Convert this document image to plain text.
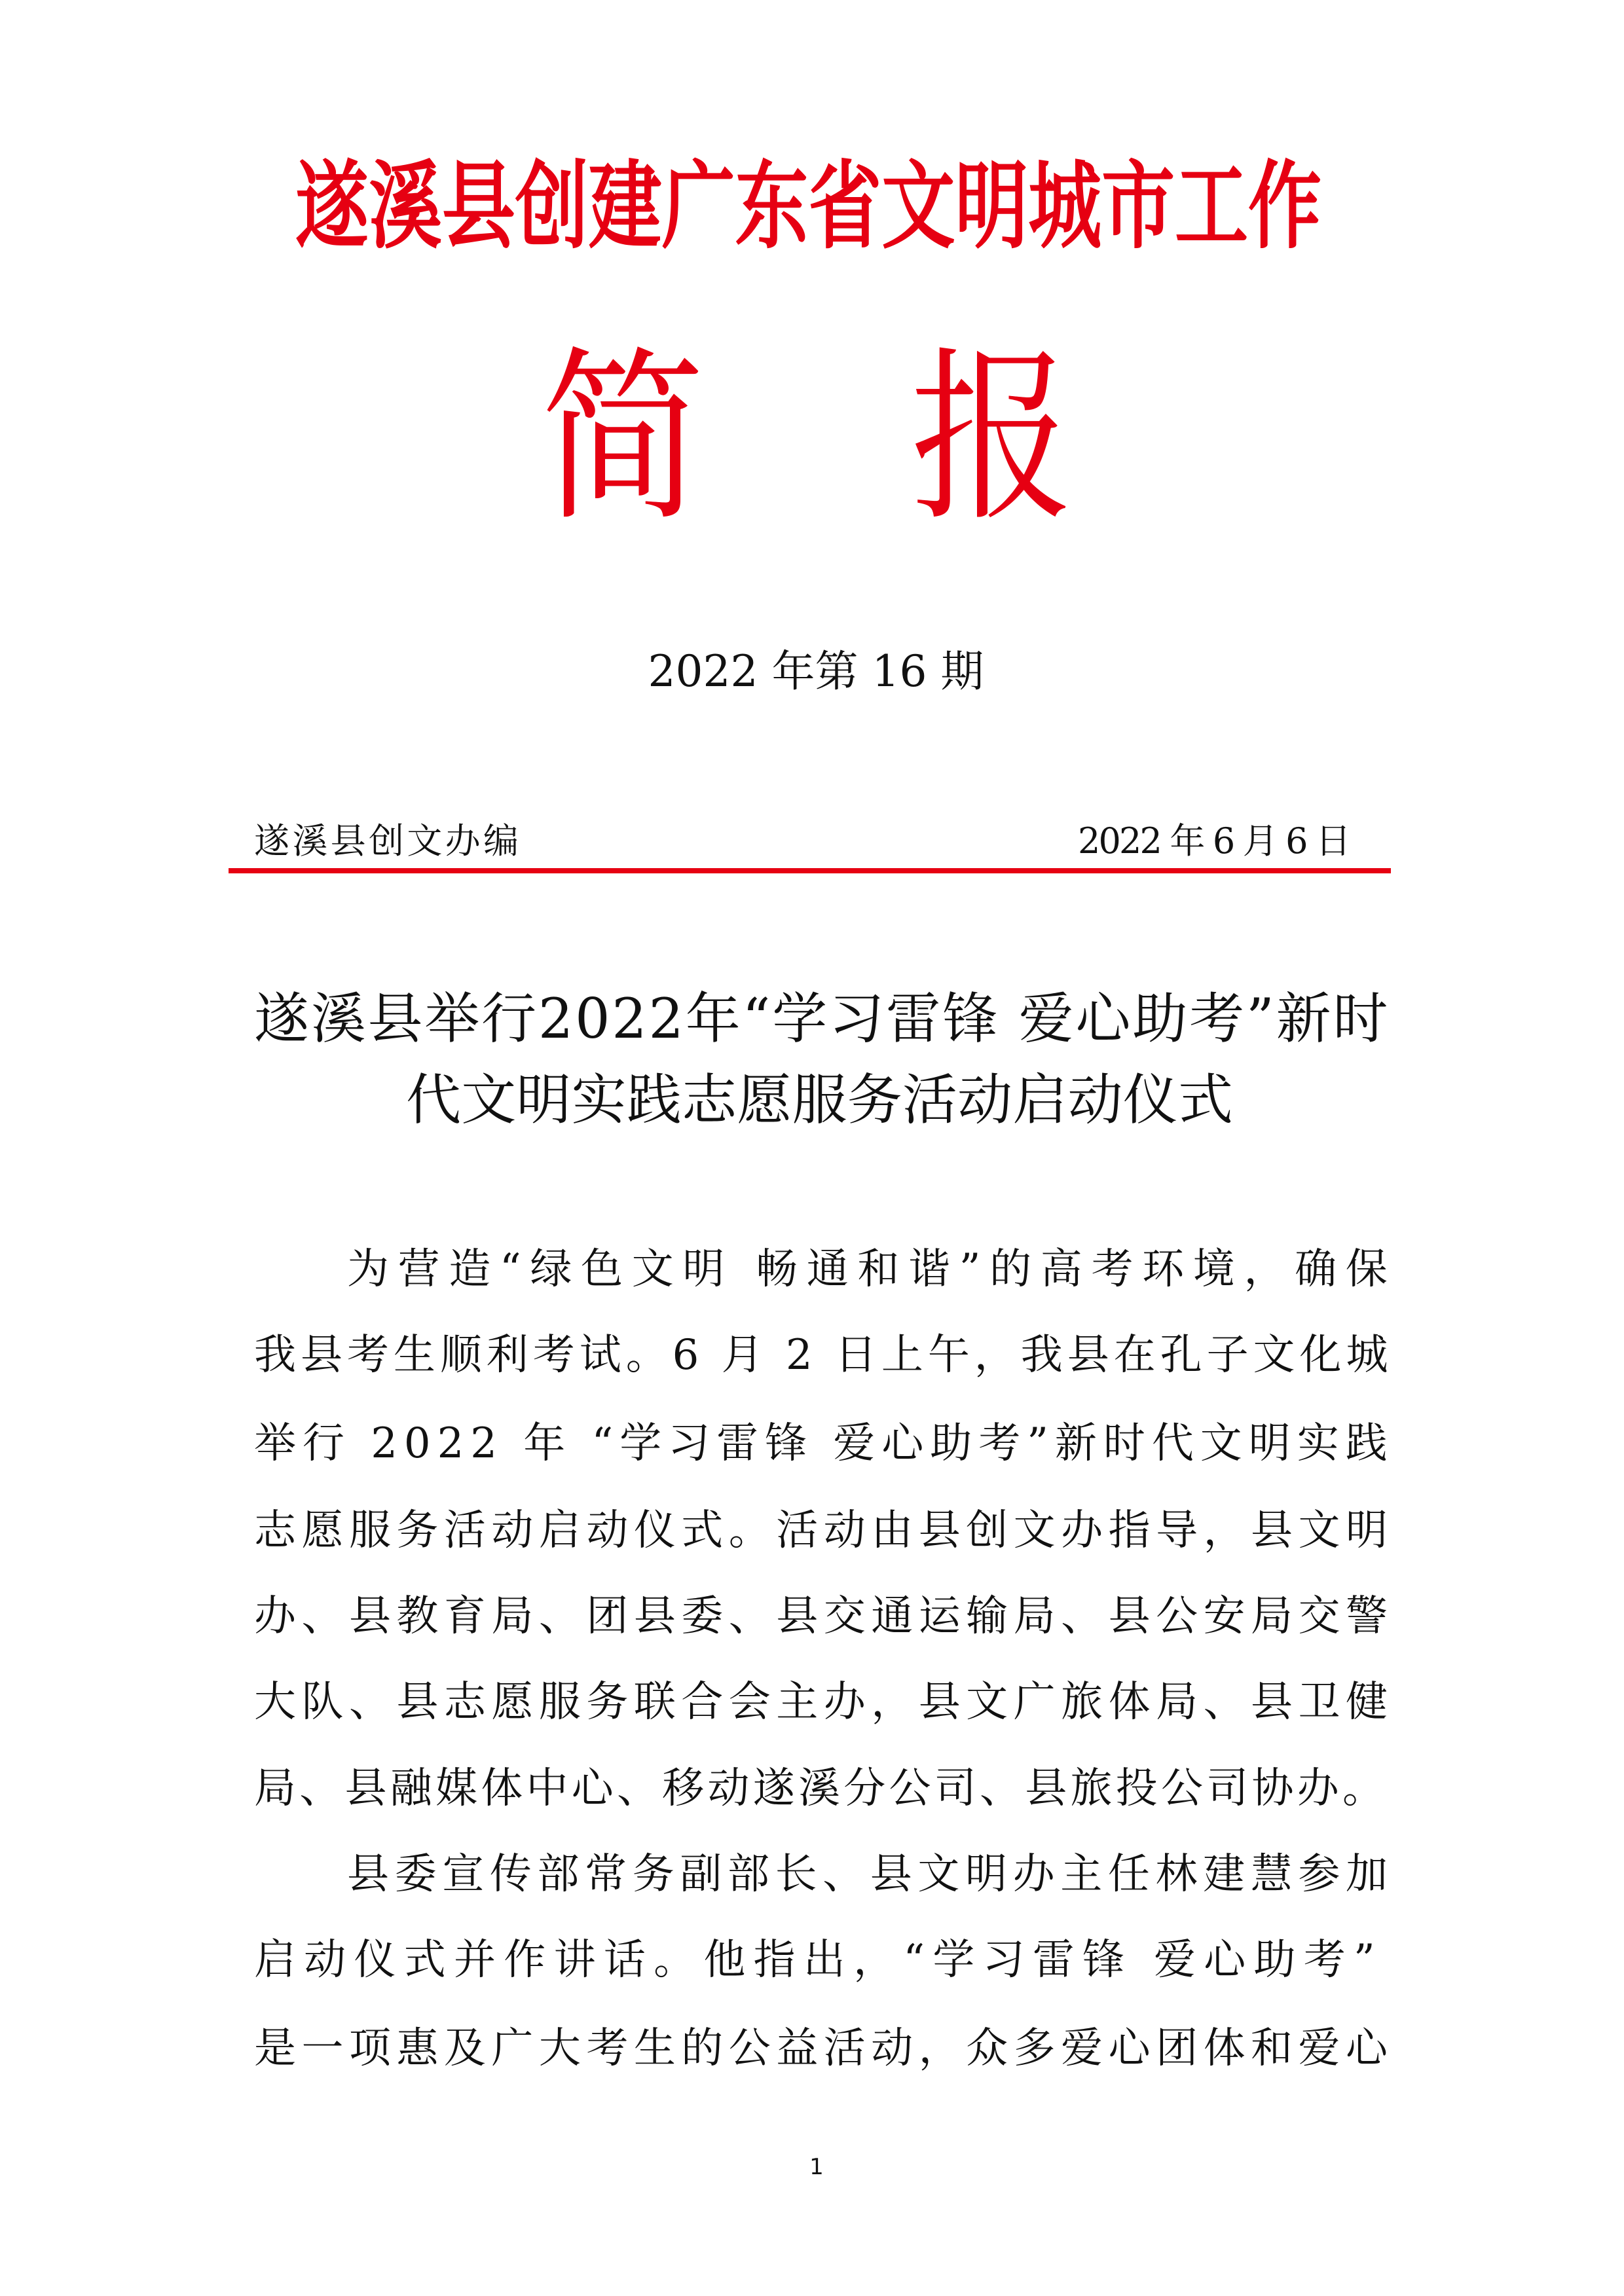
遂溪县创建广东省文明城市工作
简 报
2022 年第 16 期
遂溪县创文办编	2022 年 6 月 6 日
遂溪县举行2022年“学习雷锋 爱心助考”新时
代文明实践志愿服务活动启动仪式
为营造“绿色文明 畅通和谐”的高考环境，确保
我县考生顺利考试。6 月 2 日上午，我县在孔子文化城
举行 2022 年 “学习雷锋 爱心助考”新时代文明实践
志愿服务活动启动仪式。活动由县创文办指导，县文明
办、县教育局、团县委、县交通运输局、县公安局交警
大队、县志愿服务联合会主办，县文广旅体局、县卫健
局、县融媒体中心、移动遂溪分公司、县旅投公司协办。
县委宣传部常务副部长、县文明办主任林建慧参加
启动仪式并作讲话。他指出，“学习雷锋 爱心助考”
是一项惠及广大考生的公益活动，众多爱心团体和爱心
1
